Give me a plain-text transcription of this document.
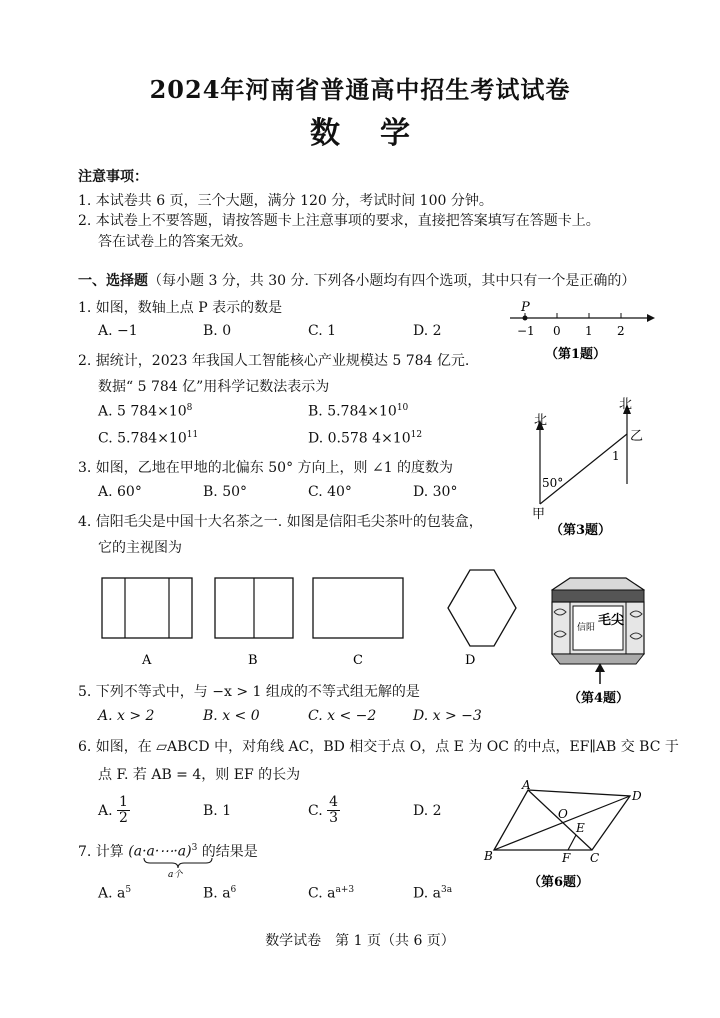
2024年河南省普通高中招生考试试卷
数学
注意事项：
1. 本试卷共 6 页，三个大题，满分 120 分，考试时间 100 分钟。
2. 本试卷上不要答题，请按答题卡上注意事项的要求，直接把答案填写在答题卡上。
答在试卷上的答案无效。
一、选择题（每小题 3 分，共 30 分. 下列各小题均有四个选项，其中只有一个是正确的）
1. 如图，数轴上点 P 表示的数是
A. −1	B. 0	C. 1	D. 2
P
−1 0 1 2
（第1题）
2. 据统计，2023 年我国人工智能核心产业规模达 5 784 亿元.
数据“ 5 784 亿”用科学记数法表示为
A. 5 $784\times 10^8$	B. $5.784\times 10^{10}$
C. $5.784\times 10^{11}$	D. 0.578 $4\times 10^{12}$
北
北
乙
甲
50°
1
（第3题）
3. 如图，乙地在甲地的北偏东 50° 方向上，则 ∠1 的度数为
A. 60°	B. 50°	C. 40°	D. 30°
4. 信阳毛尖是中国十大名茶之一. 如图是信阳毛尖茶叶的包装盒，
它的主视图为
A	B	C	D
毛尖
信阳
（第4题）
5. 下列不等式中，与 −x > 1 组成的不等式组无解的是
A. x > 2	B. x < 0	C. x < −2	D. x > −3
6. 如图，在 ▱ABCD 中，对角线 AC，BD 相交于点 O，点 E 为 OC 的中点，EF∥AB 交 BC 于
点 F. 若 AB = 4，则 EF 的长为
A. $\frac{1}{2}$	B. 1	C. $\frac{4}{3}$	D. 2
A
D
O
E
B	F C
（第6题）
7. 计算 (a·a·⋯·a)$^3$ 的结果是
a个
A. $a^5$	B. $a^6$	C. $a^{a+3}$	D. $a^{3a}$
数学试卷　第 1 页（共 6 页）
